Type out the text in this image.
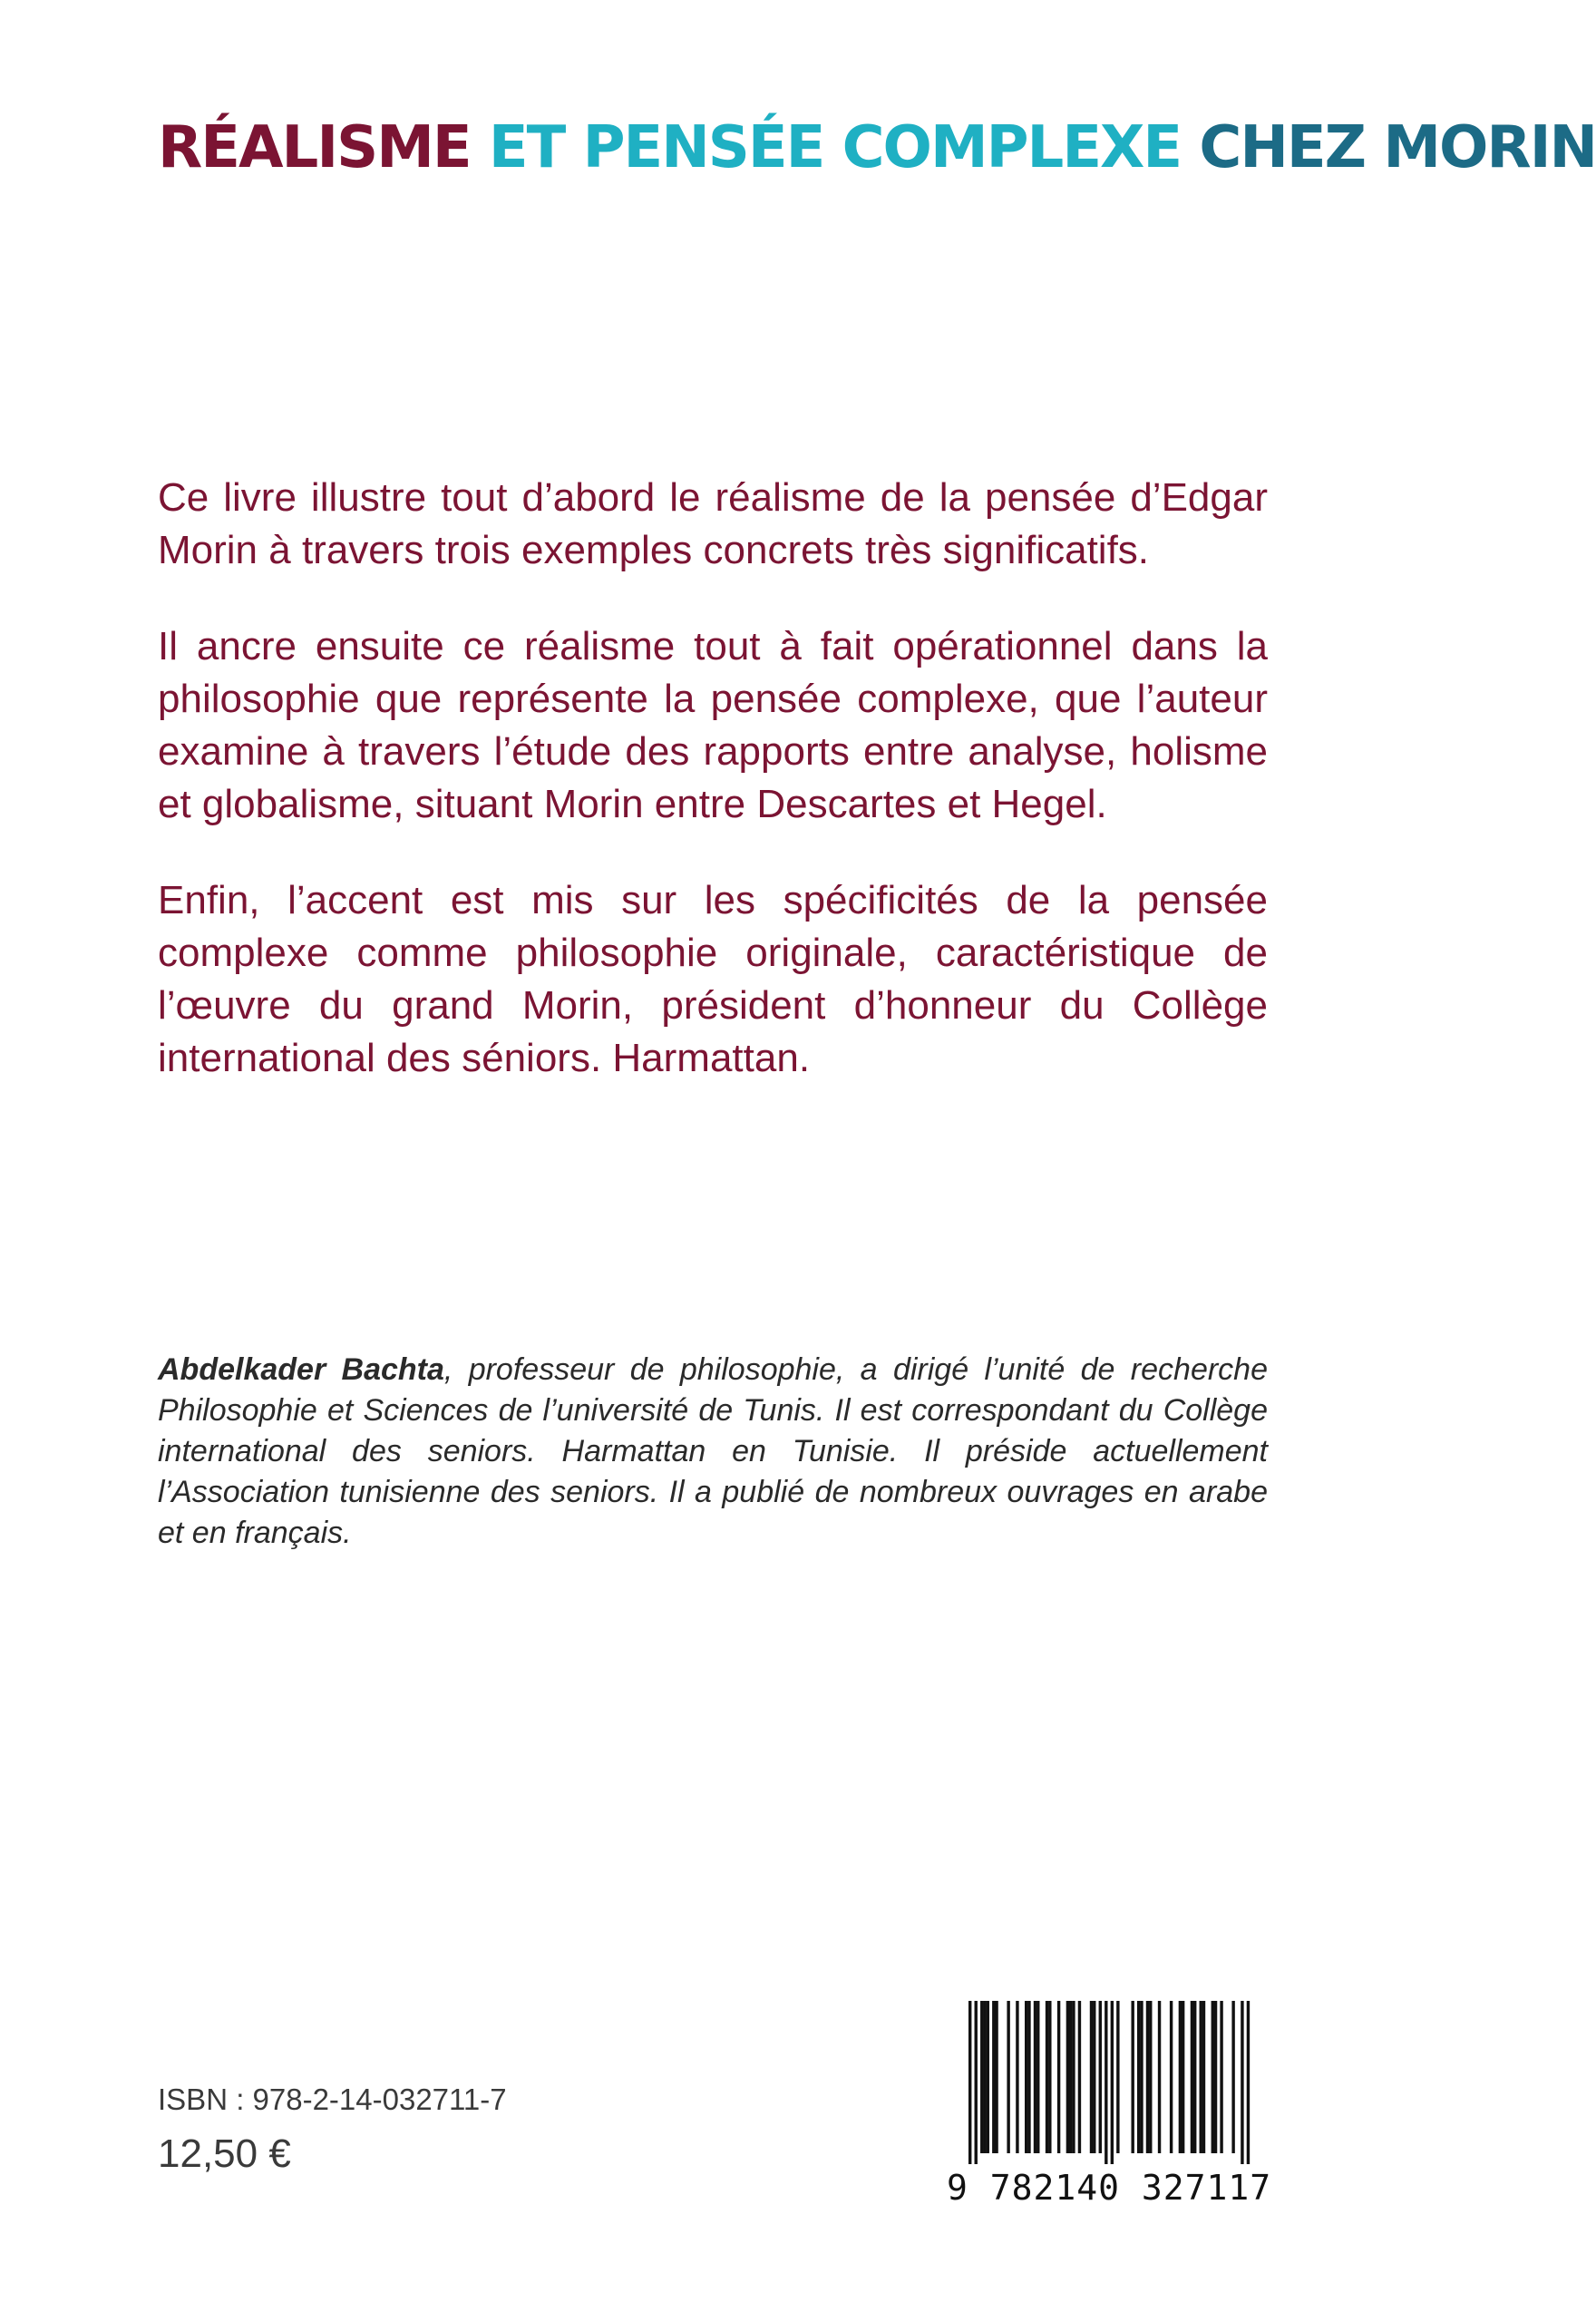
RÉALISME ET PENSÉE COMPLEXE CHEZ MORIN

Ce livre illustre tout d’abord le réalisme de la pensée d’Edgar Morin à travers trois exemples concrets très significatifs.

Il ancre ensuite ce réalisme tout à fait opérationnel dans la philosophie que représente la pensée complexe, que l’auteur examine à travers l’étude des rapports entre analyse, holisme et globalisme, situant Morin entre Descartes et Hegel.

Enfin, l’accent est mis sur les spécificités de la pensée complexe comme philosophie originale, caractéristique de l’œuvre du grand Morin, président d’honneur du Collège international des séniors. Harmattan.

Abdelkader Bachta, professeur de philosophie, a dirigé l’unité de recherche Philosophie et Sciences de l’université de Tunis. Il est correspondant du Collège international des seniors. Harmattan en Tunisie. Il préside actuellement l’Association tunisienne des seniors. Il a publié de nombreux ouvrages en arabe et en français.

ISBN : 978-2-14-032711-7
12,50 €
9 782140 327117
